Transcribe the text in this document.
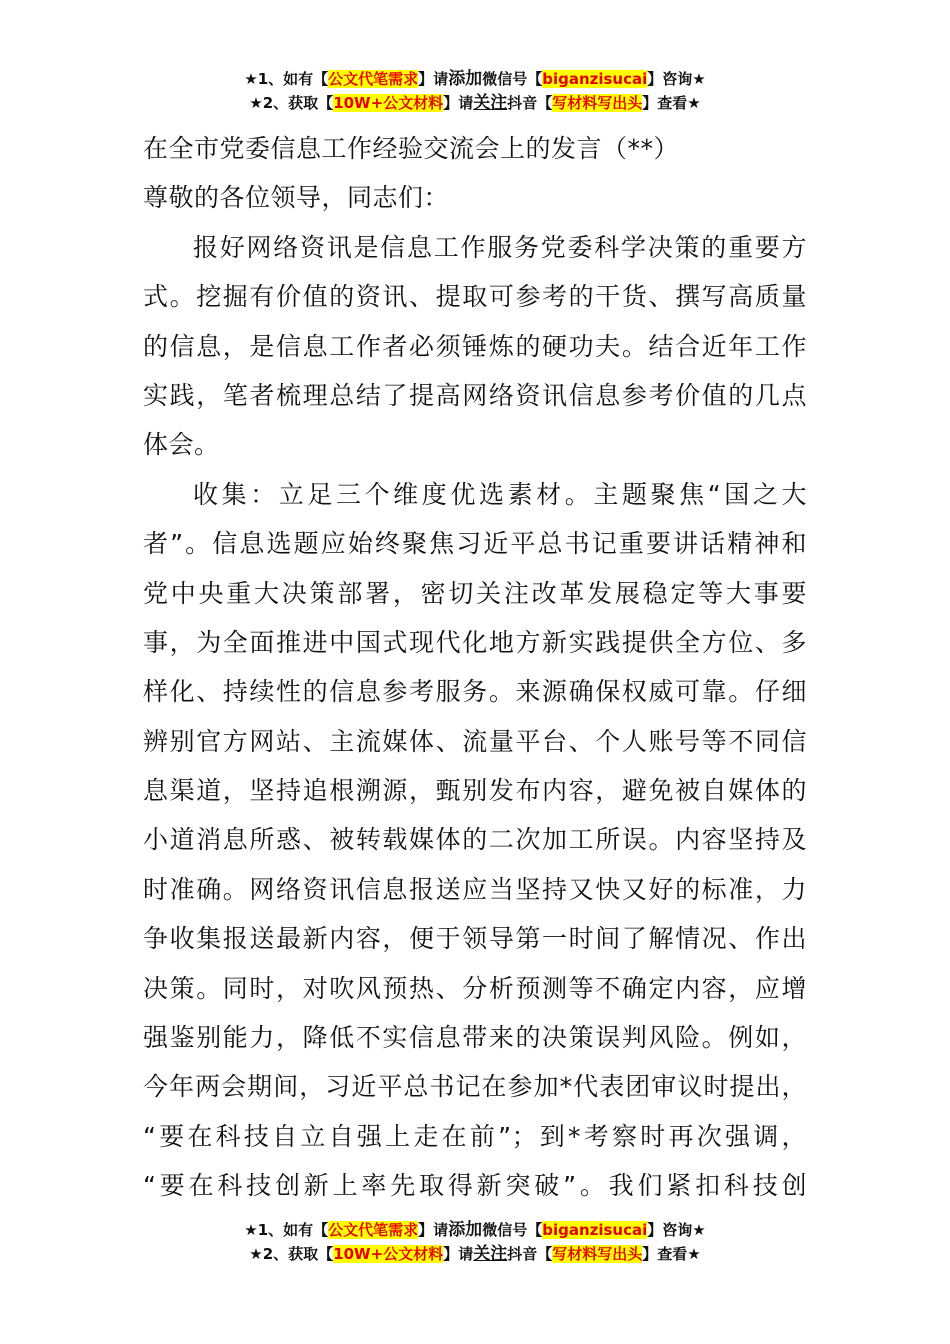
★1、如有【公文代笔需求】请添加微信号【biganzisucai】咨询★
★2、获取【10W+公文材料】请关注抖音【写材料写出头】查看★
在全市党委信息工作经验交流会上的发言（**）
尊敬的各位领导，同志们：
报好网络资讯是信息工作服务党委科学决策的重要方
式。挖掘有价值的资讯、提取可参考的干货、撰写高质量
的信息，是信息工作者必须锤炼的硬功夫。结合近年工作
实践，笔者梳理总结了提高网络资讯信息参考价值的几点
体会。
收集：立足三个维度优选素材。主题聚焦“国之大
者”。信息选题应始终聚焦习近平总书记重要讲话精神和
党中央重大决策部署，密切关注改革发展稳定等大事要
事，为全面推进中国式现代化地方新实践提供全方位、多
样化、持续性的信息参考服务。来源确保权威可靠。仔细
辨别官方网站、主流媒体、流量平台、个人账号等不同信
息渠道，坚持追根溯源，甄别发布内容，避免被自媒体的
小道消息所惑、被转载媒体的二次加工所误。内容坚持及
时准确。网络资讯信息报送应当坚持又快又好的标准，力
争收集报送最新内容，便于领导第一时间了解情况、作出
决策。同时，对吹风预热、分析预测等不确定内容，应增
强鉴别能力，降低不实信息带来的决策误判风险。例如，
今年两会期间，习近平总书记在参加*代表团审议时提出，
“要在科技自立自强上走在前”；到*考察时再次强调，
“要在科技创新上率先取得新突破”。我们紧扣科技创
★1、如有【公文代笔需求】请添加微信号【biganzisucai】咨询★
★2、获取【10W+公文材料】请关注抖音【写材料写出头】查看★
